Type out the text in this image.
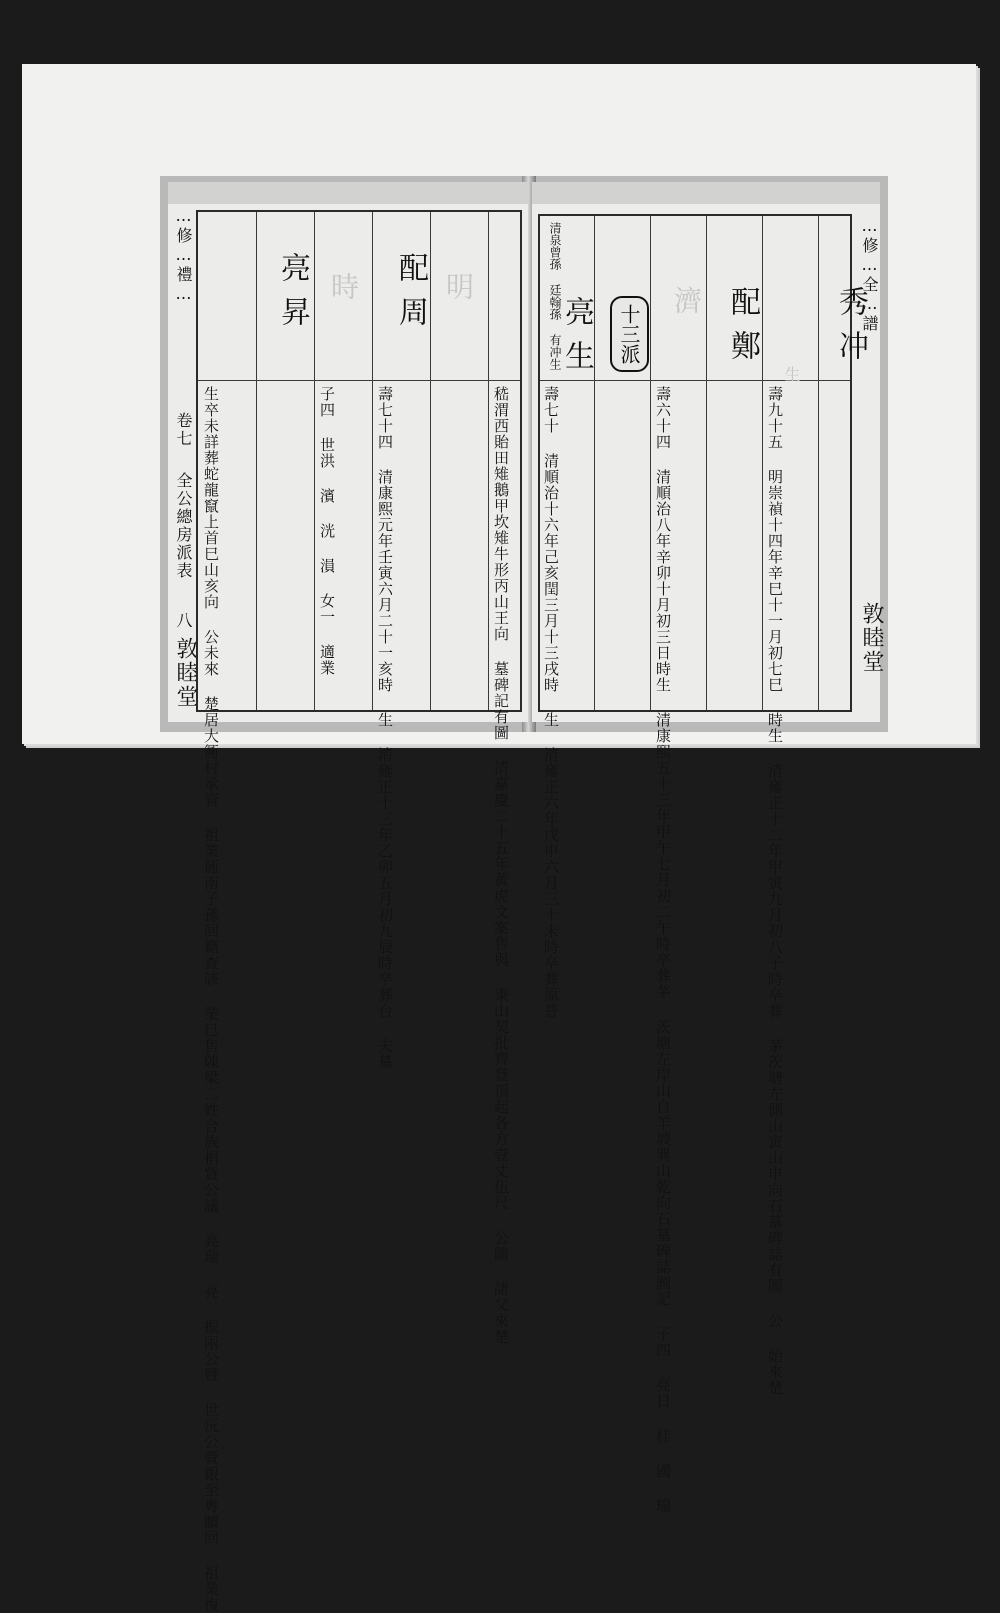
…修…禮…
卷七
全公總房派表
八
敦睦堂
明
時
嵇渭西貽田雉鵝甲坎雉牛形丙山王向 墓碑記有圖 清嘉慶二十五年黃虎文案售與 秉山契批齊登頂起各方壹丈伍尺 公隨 諸父來楚
配周
壽七十四 清康熙元年壬寅六月二十一亥時 生 清雍正十三年乙卯五月初九辰時卒葬台 夫墓
子四 世洪 濱 洸 溳 女一 適業
亮昇
生卒未詳葬蛇龍竄上首巳山亥向 公未來 楚居大衕村承管 祖業衕南子孫回籍查該 業巳售陳梁二姓合族捐貲公議 亮瑞 亮 振兩公暨 世沅公賫銀至粵贖回 祖業復
…修…全…譜
敦睦堂
濟
生
清泉曾孫 廷翰孫 有冲生
亮生
壽七十 清順治十六年己亥閏三月十三戌時 生 清雍正六年戊申六月三十未時卒葬原普
十三派	配鄭
壽六十四 清順治八年辛卯十月初三日時生 清康熙五十三年甲午七月初二午時卒葬茅 茨塘左岸山自羊坡巽山乾向石墓碑誌圖記 子四 亮日 桂 國 瑞
秀冲
壽九十五 明崇禎十四年辛巳十一月初七巳 時生 清雍正十二年甲寅九月初八子時卒葬 茅茨塘左側山寅山申向石墓碑誌有圖 公 始來楚
